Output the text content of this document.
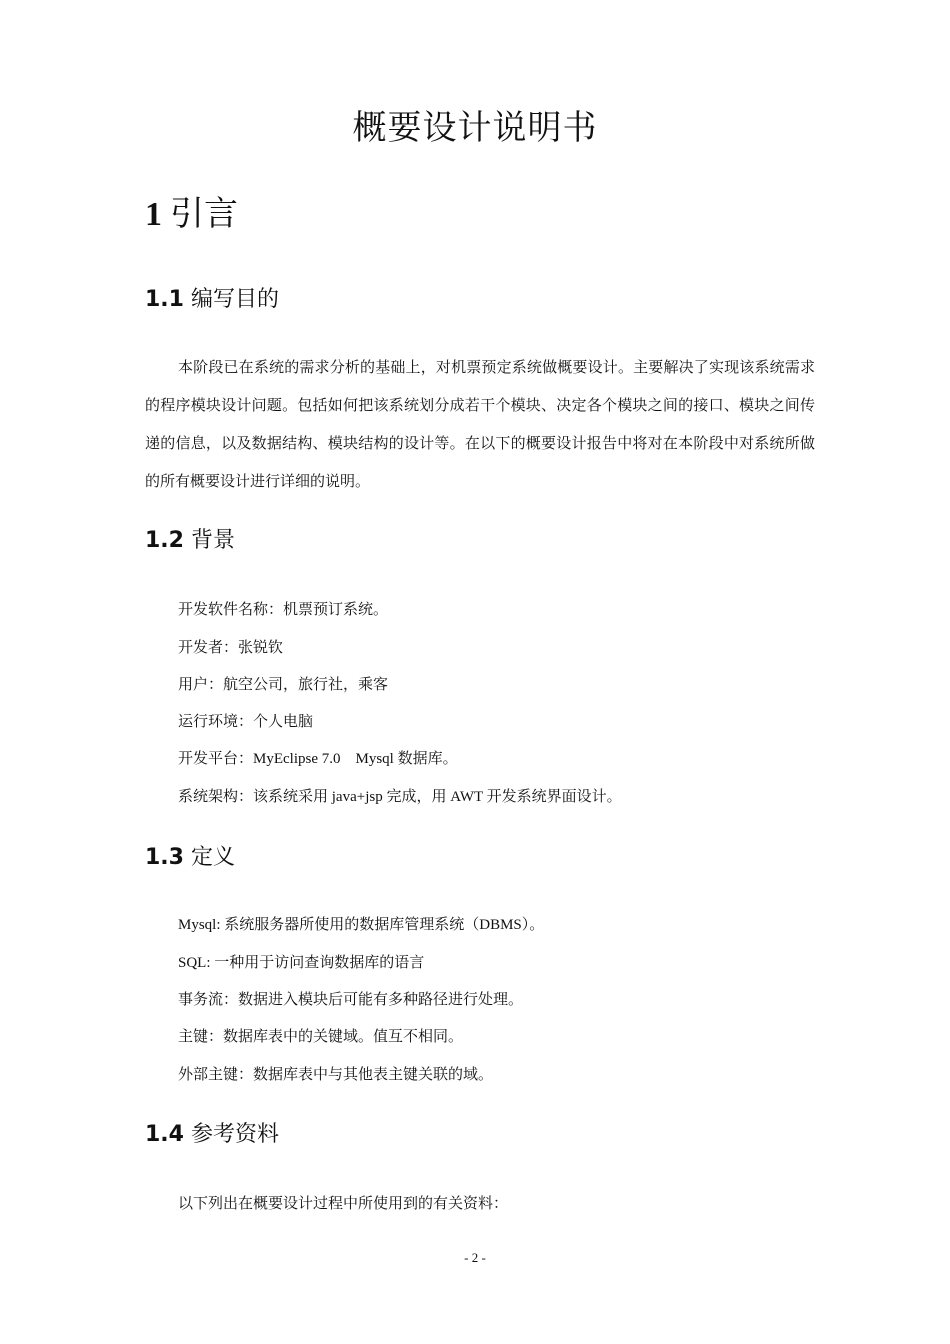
概要设计说明书
1 引言
1.1 编写目的
本阶段已在系统的需求分析的基础上，对机票预定系统做概要设计。主要解决了实现该系统需求的程序模块设计问题。包括如何把该系统划分成若干个模块、决定各个模块之间的接口、模块之间传递的信息，以及数据结构、模块结构的设计等。在以下的概要设计报告中将对在本阶段中对系统所做的所有概要设计进行详细的说明。
1.2 背景
开发软件名称：机票预订系统。
开发者：张锐钦
用户：航空公司，旅行社，乘客
运行环境：个人电脑
开发平台：MyEclipse 7.0    Mysql 数据库。
系统架构：该系统采用 java+jsp 完成，用 AWT 开发系统界面设计。
1.3 定义
Mysql: 系统服务器所使用的数据库管理系统（DBMS）。
SQL: 一种用于访问查询数据库的语言
事务流：数据进入模块后可能有多种路径进行处理。
主键：数据库表中的关键域。值互不相同。
外部主键：数据库表中与其他表主键关联的域。
1.4 参考资料
以下列出在概要设计过程中所使用到的有关资料：
- 2 -
